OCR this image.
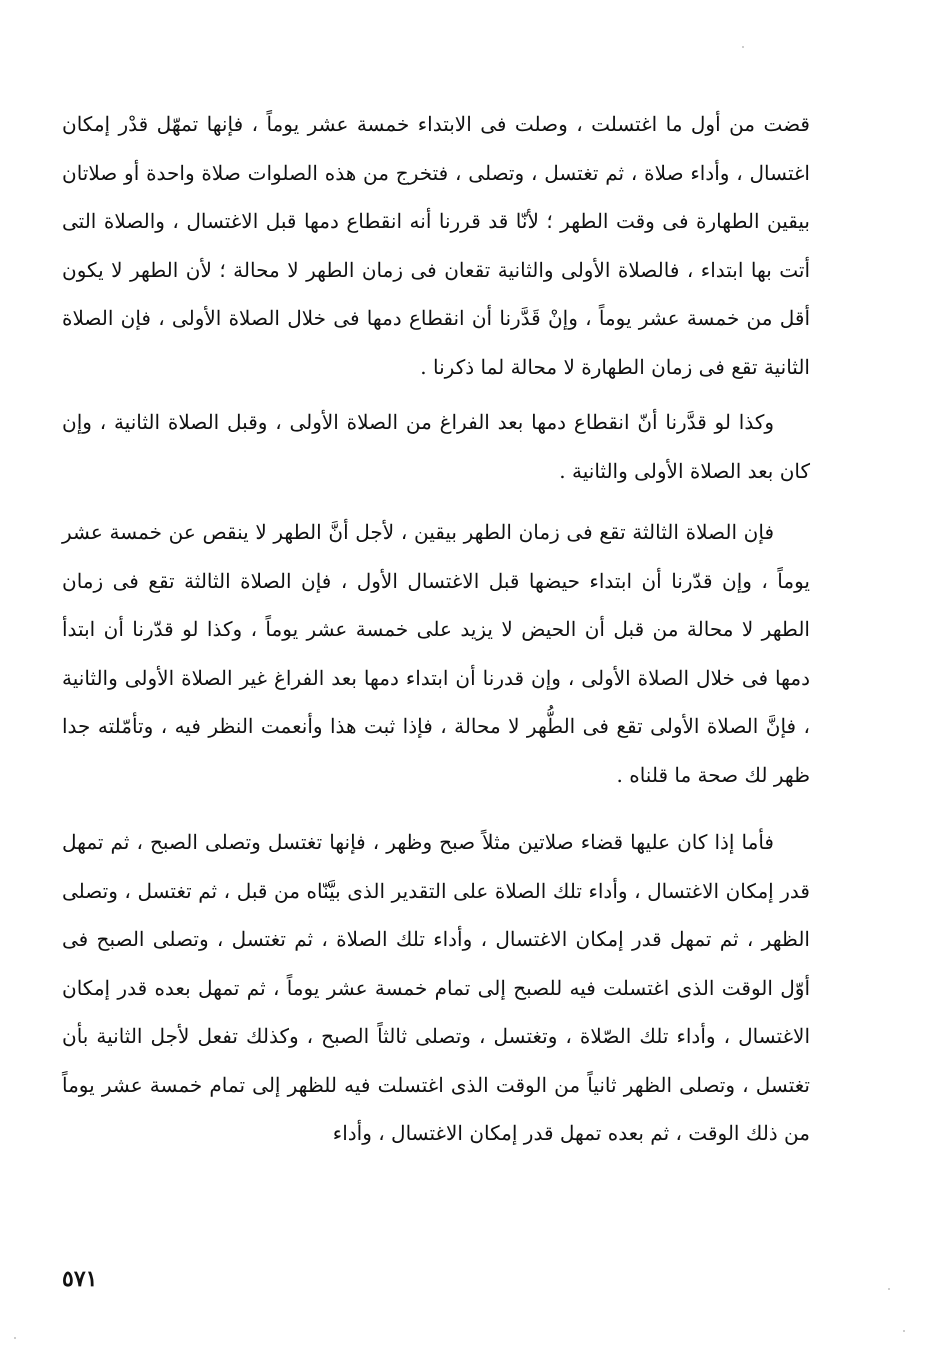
قضت من أول ما اغتسلت ، وصلت فى الابتداء خمسة عشر يوماً ، فإنها تمهّل قدْر إمكان اغتسال ، وأداء صلاة ، ثم تغتسل ، وتصلى ، فتخرج من هذه الصلوات صلاة واحدة أو صلاتان بيقين الطهارة فى وقت الطهر ؛ لأنّا قد قررنا أنه انقطاع دمها قبل الاغتسال ، والصلاة التى أتت بها ابتداء ، فالصلاة الأولى والثانية تقعان فى زمان الطهر لا محالة ؛ لأن الطهر لا يكون أقل من خمسة عشر يوماً ، وإنْ قَدَّرنا أن انقطاع دمها فى خلال الصلاة الأولى ، فإن الصلاة الثانية تقع فى زمان الطهارة لا محالة لما ذكرنا .

وكذا لو قدَّرنا أنّ انقطاع دمها بعد الفراغ من الصلاة الأولى ، وقبل الصلاة الثانية ، وإن كان بعد الصلاة الأولى والثانية .

فإن الصلاة الثالثة تقع فى زمان الطهر بيقين ، لأجل أنَّ الطهر لا ينقص عن خمسة عشر يوماً ، وإن قدّرنا أن ابتداء حيضها قبل الاغتسال الأول ، فإن الصلاة الثالثة تقع فى زمان الطهر لا محالة من قبل أن الحيض لا يزيد على خمسة عشر يوماً ، وكذا لو قدّرنا أن ابتدأ دمها فى خلال الصلاة الأولى ، وإن قدرنا أن ابتداء دمها بعد الفراغ غير الصلاة الأولى والثانية ، فإنَّ الصلاة الأولى تقع فى الطُّهر لا محالة ، فإذا ثبت هذا وأنعمت النظر فيه ، وتأمّلته جدا ظهر لك صحة ما قلناه .

فأما إذا كان عليها قضاء صلاتين مثلاً صبح وظهر ، فإنها تغتسل وتصلى الصبح ، ثم تمهل قدر إمكان الاغتسال ، وأداء تلك الصلاة على التقدير الذى بيَّنّاه من قبل ، ثم تغتسل ، وتصلى الظهر ، ثم تمهل قدر إمكان الاغتسال ، وأداء تلك الصلاة ، ثم تغتسل ، وتصلى الصبح فى أوّل الوقت الذى اغتسلت فيه للصبح إلى تمام خمسة عشر يوماً ، ثم تمهل بعده قدر إمكان الاغتسال ، وأداء تلك الصّلاة ، وتغتسل ، وتصلى ثالثاً الصبح ، وكذلك تفعل لأجل الثانية بأن تغتسل ، وتصلى الظهر ثانياً من الوقت الذى اغتسلت فيه للظهر إلى تمام خمسة عشر يوماً من ذلك الوقت ، ثم بعده تمهل قدر إمكان الاغتسال ، وأداء

٥٧١
